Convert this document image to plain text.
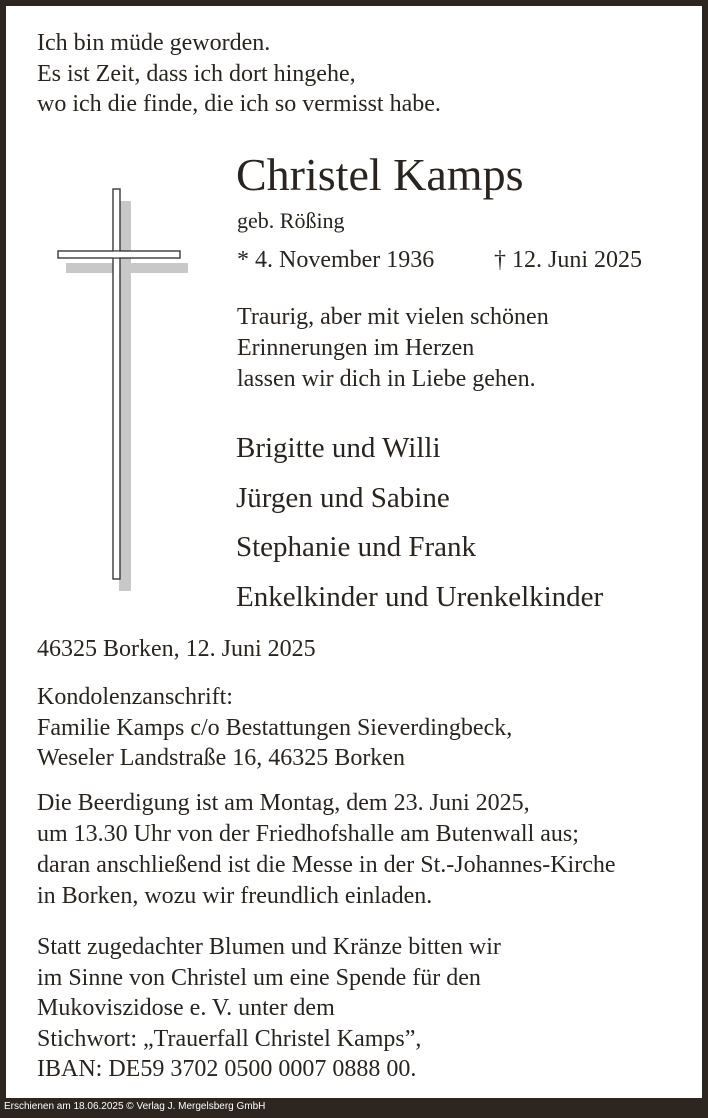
Ich bin müde geworden.
Es ist Zeit, dass ich dort hingehe,
wo ich die finde, die ich so vermisst habe.
Christel Kamps
geb. Rößing
* 4. November 1936 † 12. Juni 2025
Traurig, aber mit vielen schönen
Erinnerungen im Herzen
lassen wir dich in Liebe gehen.
Brigitte und Willi
Jürgen und Sabine
Stephanie und Frank
Enkelkinder und Urenkelkinder
46325 Borken, 12. Juni 2025
Kondolenzanschrift:
Familie Kamps c/o Bestattungen Sieverdingbeck,
Weseler Landstraße 16, 46325 Borken
Die Beerdigung ist am Montag, dem 23. Juni 2025,
um 13.30 Uhr von der Friedhofshalle am Butenwall aus;
daran anschließend ist die Messe in der St.-Johannes-Kirche
in Borken, wozu wir freundlich einladen.
Statt zugedachter Blumen und Kränze bitten wir
im Sinne von Christel um eine Spende für den
Mukoviszidose e. V. unter dem
Stichwort: „Trauerfall Christel Kamps”,
IBAN: DE59 3702 0500 0007 0888 00.
Erschienen am 18.06.2025 © Verlag J. Mergelsberg GmbH
